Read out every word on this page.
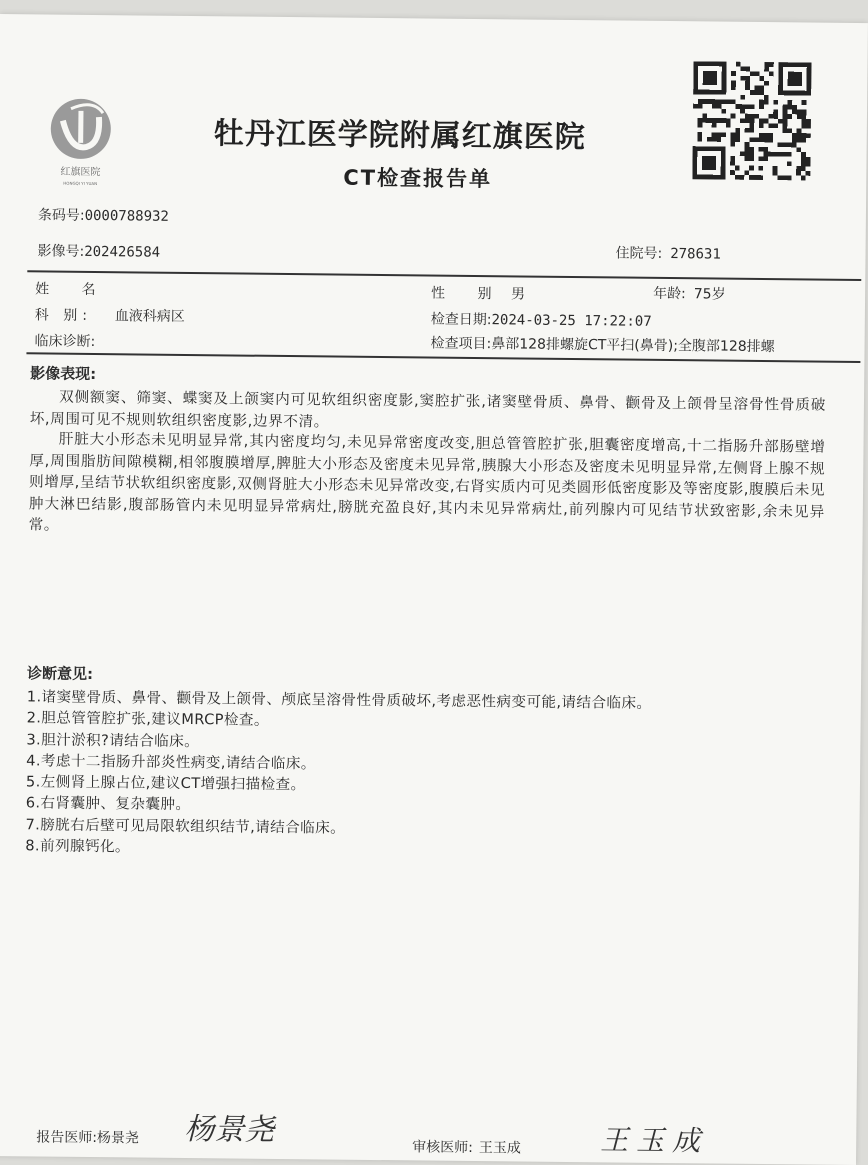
红旗医院
HONGQI YI YUAN
牡丹江医学院附属红旗医院
CT检查报告单
条码号:0000788932
影像号:202426584	住院号: 278631
姓 名	性 别 男	年龄: 75岁
科 别: 血液科病区	检查日期:2024-03-25 17:22:07
临床诊断:	检查项目:鼻部128排螺旋CT平扫(鼻骨);全腹部128排螺
影像表现:
双侧额窦、筛窦、蝶窦及上颌窦内可见软组织密度影,窦腔扩张,诸窦壁骨质、鼻骨、颧骨及上颌骨呈溶骨性骨质破坏,周围可见不规则软组织密度影,边界不清。
肝脏大小形态未见明显异常,其内密度均匀,未见异常密度改变,胆总管管腔扩张,胆囊密度增高,十二指肠升部肠壁增厚,周围脂肪间隙模糊,相邻腹膜增厚,脾脏大小形态及密度未见异常,胰腺大小形态及密度未见明显异常,左侧肾上腺不规则增厚,呈结节状软组织密度影,双侧肾脏大小形态未见异常改变,右肾实质内可见类圆形低密度影及等密度影,腹膜后未见肿大淋巴结影,腹部肠管内未见明显异常病灶,膀胱充盈良好,其内未见异常病灶,前列腺内可见结节状致密影,余未见异常。
诊断意见:
1.诸窦壁骨质、鼻骨、颧骨及上颌骨、颅底呈溶骨性骨质破坏,考虑恶性病变可能,请结合临床。
2.胆总管管腔扩张,建议MRCP检查。
3.胆汁淤积?请结合临床。
4.考虑十二指肠升部炎性病变,请结合临床。
5.左侧肾上腺占位,建议CT增强扫描检查。
6.右肾囊肿、复杂囊肿。
7.膀胱右后壁可见局限软组织结节,请结合临床。
8.前列腺钙化。
报告医师:杨景尧 杨景尧	审核医师: 王玉成	王玉成
